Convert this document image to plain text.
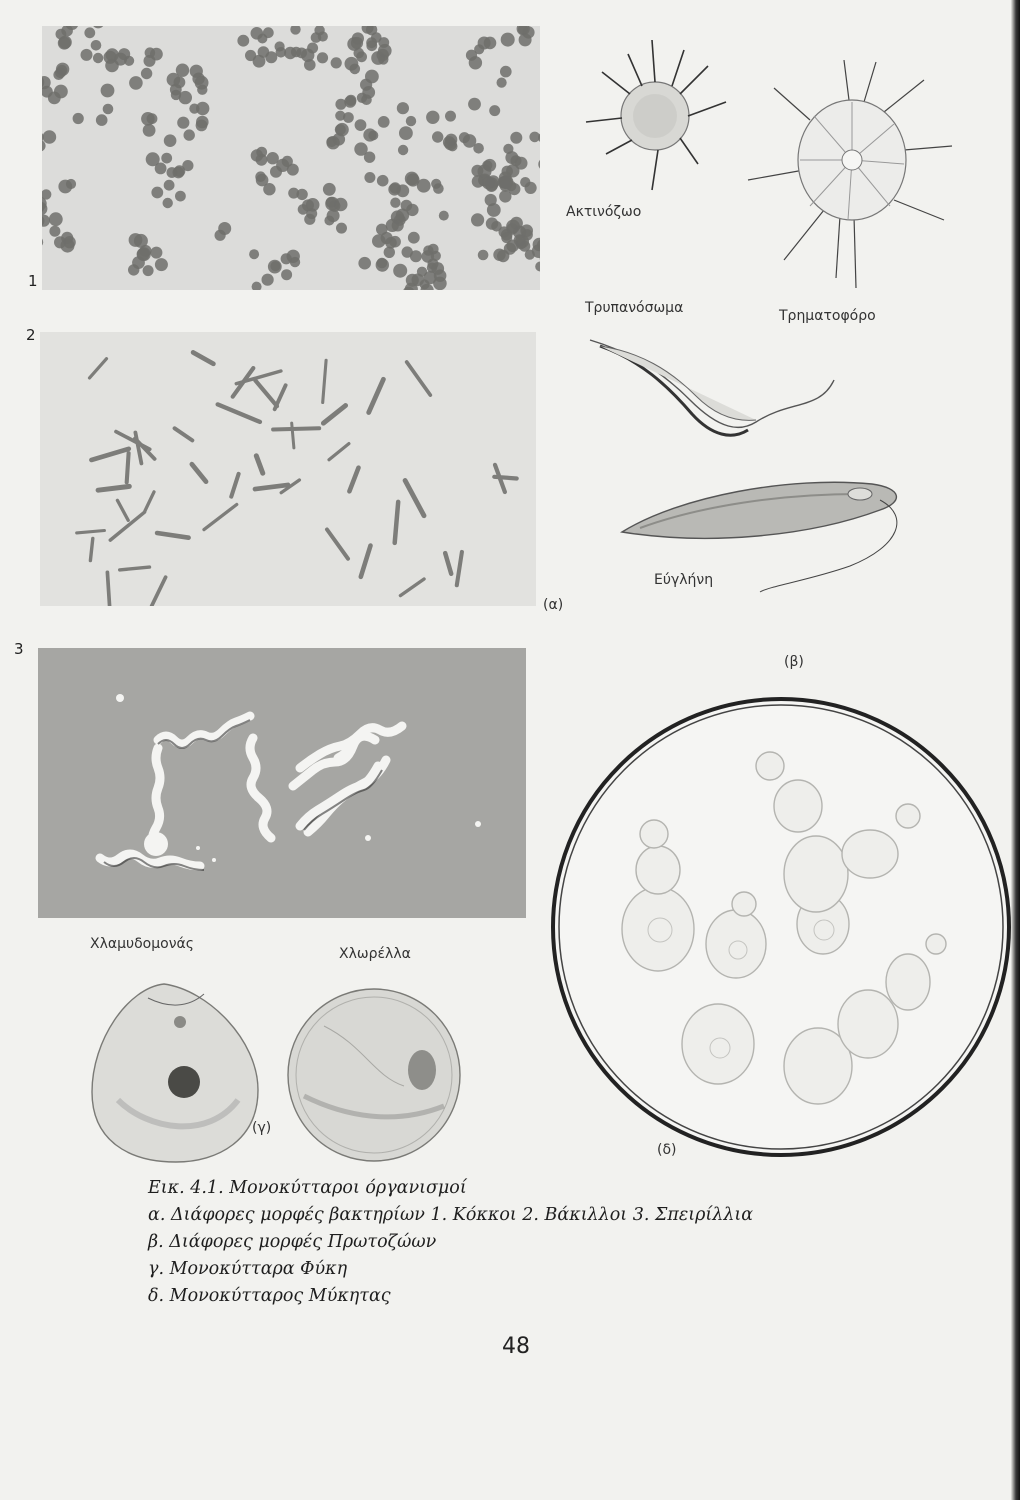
1
2
(α)
3
Ακτινόζωο
Τρυπανόσωμα	Τρηματοφόρο
Εύγλήνη
(β)
(δ)
Χλαμυδομονάς
Χλωρέλλα
(γ)
Εικ. 4.1. Μονοκύτταροι όργανισμοί
α. Διάφορες μορφές βακτηρίων 1. Κόκκοι 2. Βάκιλλοι 3. Σπειρίλλια
β. Διάφορες μορφές Πρωτοζώων
γ. Μονοκύτταρα Φύκη
δ. Μονοκύτταρος Μύκητας
48
